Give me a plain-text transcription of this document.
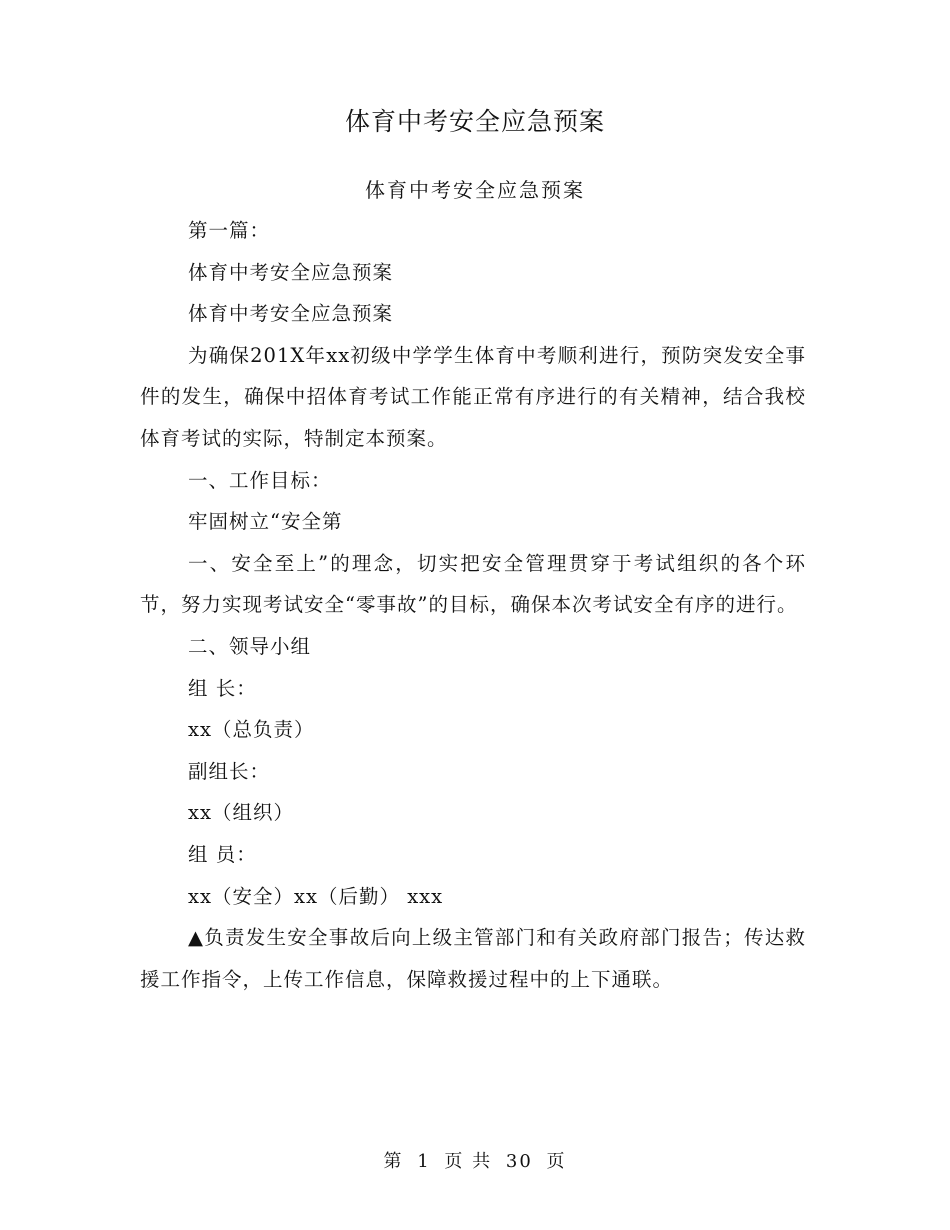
体育中考安全应急预案
体育中考安全应急预案

第一篇：

体育中考安全应急预案

体育中考安全应急预案

为确保201X年xx初级中学学生体育中考顺利进行，预防突发安全事件的发生，确保中招体育考试工作能正常有序进行的有关精神，结合我校体育考试的实际，特制定本预案。

一、工作目标：

牢固树立“安全第

一、安全至上”的理念，切实把安全管理贯穿于考试组织的各个环节，努力实现考试安全“零事故”的目标，确保本次考试安全有序的进行。

二、领导小组

组 长：

xx（总负责）

副组长：

xx（组织）

组 员：

xx（安全）xx（后勤） xxx

▲负责发生安全事故后向上级主管部门和有关政府部门报告；传达救援工作指令，上传工作信息，保障救援过程中的上下通联。

第 1 页 共 30 页
